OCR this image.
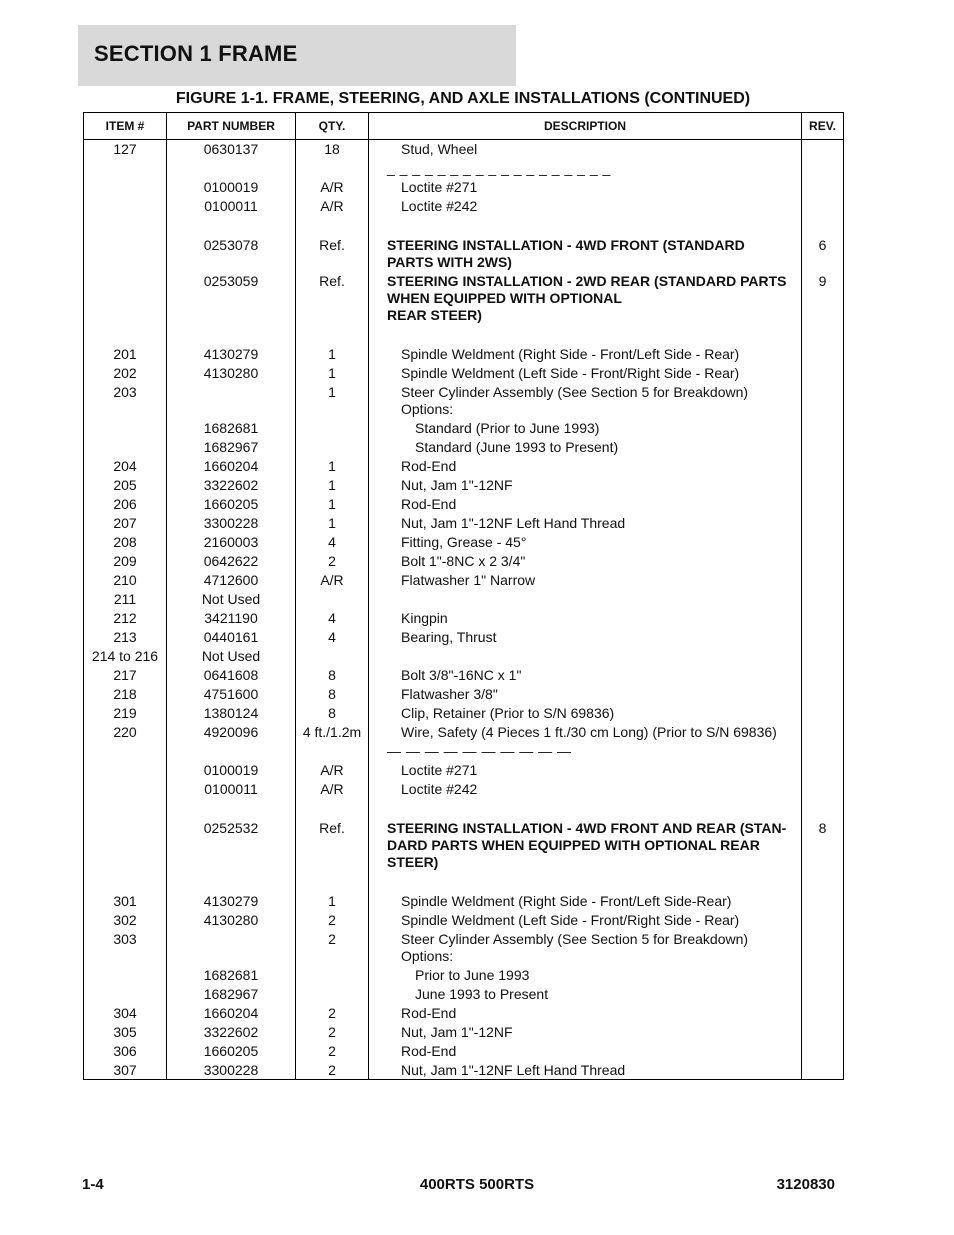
SECTION 1 FRAME
FIGURE 1-1. FRAME, STEERING, AND AXLE INSTALLATIONS (CONTINUED)
ITEM #	PART NUMBER	QTY.	DESCRIPTION	REV.
127	0630137	18	Stud, Wheel	
			_ _ _ _ _ _ _ _ _ _ _ _ _ _ _ _ _ _	
	0100019	A/R	Loctite #271	
	0100011	A/R	Loctite #242	

	0253078	Ref.	STEERING INSTALLATION - 4WD FRONT (STANDARD PARTS WITH 2WS)	6
	0253059	Ref.	STEERING INSTALLATION - 2WD REAR (STANDARD PARTS WHEN EQUIPPED WITH OPTIONAL
REAR STEER)	9

201	4130279	1	Spindle Weldment (Right Side - Front/Left Side - Rear)	
202	4130280	1	Spindle Weldment (Left Side - Front/Right Side - Rear)	
203		1	Steer Cylinder Assembly (See Section 5 for Breakdown)
Options:	
	1682681		Standard (Prior to June 1993)	
	1682967		Standard (June 1993 to Present)	
204	1660204	1	Rod-End	
205	3322602	1	Nut, Jam 1"-12NF	
206	1660205	1	Rod-End	
207	3300228	1	Nut, Jam 1"-12NF Left Hand Thread	
208	2160003	4	Fitting, Grease - 45°	
209	0642622	2	Bolt 1"-8NC x 2 3/4"	
210	4712600	A/R	Flatwasher 1" Narrow	
211	Not Used			
212	3421190	4	Kingpin	
213	0440161	4	Bearing, Thrust	
214 to 216	Not Used			
217	0641608	8	Bolt 3/8"-16NC x 1"	
218	4751600	8	Flatwasher 3/8"	
219	1380124	8	Clip, Retainer (Prior to S/N 69836)	
220	4920096	4 ft./1.2m	Wire, Safety (4 Pieces 1 ft./30 cm Long) (Prior to S/N 69836)	
			— — — — — — — — — —	
	0100019	A/R	Loctite #271	
	0100011	A/R	Loctite #242	

	0252532	Ref.	STEERING INSTALLATION - 4WD FRONT AND REAR (STAN-
DARD PARTS WHEN EQUIPPED WITH OPTIONAL REAR
STEER)	8

301	4130279	1	Spindle Weldment (Right Side - Front/Left Side-Rear)	
302	4130280	2	Spindle Weldment (Left Side - Front/Right Side - Rear)	
303		2	Steer Cylinder Assembly (See Section 5 for Breakdown)
Options:	
	1682681		Prior to June 1993	
	1682967		June 1993 to Present	
304	1660204	2	Rod-End	
305	3322602	2	Nut, Jam 1"-12NF	
306	1660205	2	Rod-End	
307	3300228	2	Nut, Jam 1"-12NF Left Hand Thread	
1-4	400RTS 500RTS	3120830
